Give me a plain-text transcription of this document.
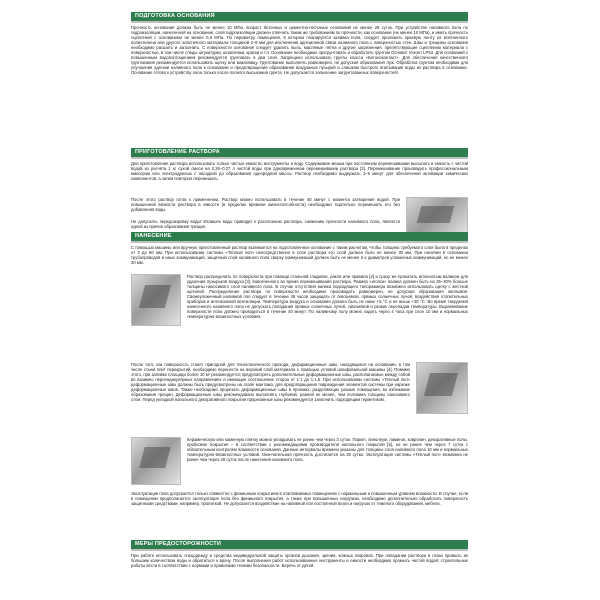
ПОДГОТОВКА ОСНОВАНИЯ

Прочность основания должна быть не менее 10 МПа, возраст бетонных и цементно-песчаных оснований не менее 28 суток. При устройстве наливного пола по гидроизоляции, нанесенной на основание, слой гидроизоляции должен отвечать таким же требованиям по прочности, как основание (не менее 10 МПа), и иметь прочность сцепления с основанием не менее 0,8 МПа. По периметру помещения, в котором планируется заливка пола, следует проложить краевую ленту из вспененного полиэтилена или другого эластичного материала толщиной 2–8 мм для исключения адгезионной связи наливного пола с поверхностью стен. Швы и трещины основания необходимо расшить и заполнить. С поверхности основания следует удалить пыль, масляные пятна и другие загрязнения, препятствующие сцеплению материала с поверхностью, в том числе следы штукатурки, шпаклевки, краски и т.п. Основание необходимо прогрунтовать и обработать грунтом Основит Унконт LP53. Для оснований с повышенным водопоглощением рекомендуется грунтовать в два слоя. Запрещено использовать грунты класса «Бетоноконтакт». Для обеспечения качественного грунтования рекомендуется использовать щетку или макловицу. Грунтование выполнять равномерно, не допуская образования луж. Обработка грунтом необходима для улучшения адгезии наливного пола к основанию и предотвращения образования воздушных пузырей и слишком быстрого впитывания воды из раствора в основание. Основание готово к устройству пола только после полного высыхания грунта. Не допускается запыление загрунтованных поверхностей!

ПРИГОТОВЛЕНИЕ РАСТВОРА

Для приготовления раствора использовать только чистые емкости, инструменты и воду. Содержимое мешка при постоянном перемешивании высыпать в емкость с чистой водой из расчёта 1 кг сухой смеси на 0,26–0,27 л чистой воды при одновременном перемешивании раствора [3]. Перемешивание производить профессиональным миксером или электродрелью с насадкой до образования однородной массы. Раствор необходимо выдержать 3–5 минут для обеспечения активации химических компонентов, а затем повторно перемешать.

После этого раствор готов к применению. Раствор можно использовать в течение 40 минут с момента затворения водой. При повышенной вязкости раствора в емкости (в пределах времени жизнеспособности) необходимо тщательно перемешать его без добавления воды.

Не допускать передозировку воды! Излишек воды приводит к расслоению раствора, снижению прочности наливного пола, является одной из причин образования трещин.

НАНЕСЕНИЕ

С помощью машины или вручную приготовленный раствор выливается на подготовленное основание с таким расчетом, чтобы толщина требуемого слоя была в пределах от 3 до 80 мм. При использовании системы «Теплый пол» непосредственно в слое раствора его слой должен быть не менее 30 мм. При наличии в основании трубопроводов и иных коммуникаций, защитный слой наливного пола сверху коммуникаций должен быть не менее 2-х диаметров уложенных коммуникаций, но не менее 30 мм.

Раствор распределить по поверхности при помощи стальной гладилки, ракли или правила [2] и сразу же прокатать игольчатым валиком для удаления пузырьков воздуха [3], вовлеченного во время перемешивания раствора. Размер «иголок» валика должен быть на 25–30% больше толщины наносимого слоя наливного пола. В случае отсутствия валика подходящего типоразмера возможно использовать щетку с жесткой щетиной. Распределение раствора по поверхности необходимо производить равномерно, не допуская образования наплывов. Свежеуложенный наливной пол следует в течение 48 часов защищать от сквозняков, прямых солнечных лучей, воздействия отопительных приборов и интенсивной вентиляции. Температура воздуха и основания должна быть не ниже +5 °С и не выше +30 °С. Во время твердения нанесенного наливного пола не допускать попадания прямых солнечных лучей, сквозняков и резких перепадов температуры. Выравнивание поверхности пола должно проводиться в течение 40 минут. По наливному полу можно ходить через 4 часа при слое 10 мм и нормальных температурно-влажностных условиях.

После того, как поверхность станет пригодной для технологического прохода, деформационные швы, находящиеся на основании, в том числе стыки плит перекрытий, необходимо перенести на верхний слой материала с помощью угловой шлифовальной машины [4]. Помимо этого, при заливке площади более 10 м² рекомендуется предусмотреть дополнительные деформационные швы, располагаемые между собой во взаимно перпендикулярных направлениях и имеющие соотношение сторон от 1:1 до 1:1,5. При использовании системы «Теплый пол» деформационные швы должны быть предусмотрены на этапе монтажа, для предотвращения повреждения элементов системы при нарезке деформационных швов. Также необходимо прорезать деформационные швы в проемах, разделяющих разные помещения, во избежание образования трещин. Деформационные швы рекомендовано выполнять глубиной, равной не менее, чем половина толщины наносимого слоя. Перед укладкой напольного декоративного покрытия прорезанные швы рекомендуется заполнить подходящим герметиком.

Керамическую или каменную плитку можно укладывать не ранее чем через 3 суток. Паркет, линолеум, ламинат, ковролин, декоративные полы, пробковое покрытие – в соответствии с рекомендациями производителя напольного покрытия [5], но не ранее чем через 7 суток с обязательным контролем влажности основания. Данные интервалы времени указаны для толщины слоя наливного пола 10 мм и нормальных температурно-влажностных условий. Окончательная прочность достигается на 28 сутки. Эксплуатация системы «Теплый пол» возможна не ранее чем через 28 суток после нанесения наливного пола.

Эксплуатация пола допускается только совместно с финишным покрытием в отапливаемых помещениях с нормальным и повышенным уровнем влажности. В случае, если в помещении предполагается эксплуатация пола без финишного покрытия, а также при повышенных нагрузках, необходимо дополнительно обработать поверхность защитными средствами, например, пропиткой. Не допускается воздействие на наливной пол постоянной влаги и нагрузок от тяжелого оборудования, мебели.

МЕРЫ ПРЕДОСТОРОЖНОСТИ

При работе использовать спецодежду и средства индивидуальной защиты органов дыхания, зрения, кожных покровов. При попадании раствора в глаза промыть их большим количеством воды и обратиться к врачу. После выполнения работ использованные инструменты и емкости необходимо промыть чистой водой; строительные работы вести в соответствии с нормами и правилами техники безопасности. Беречь от детей.
